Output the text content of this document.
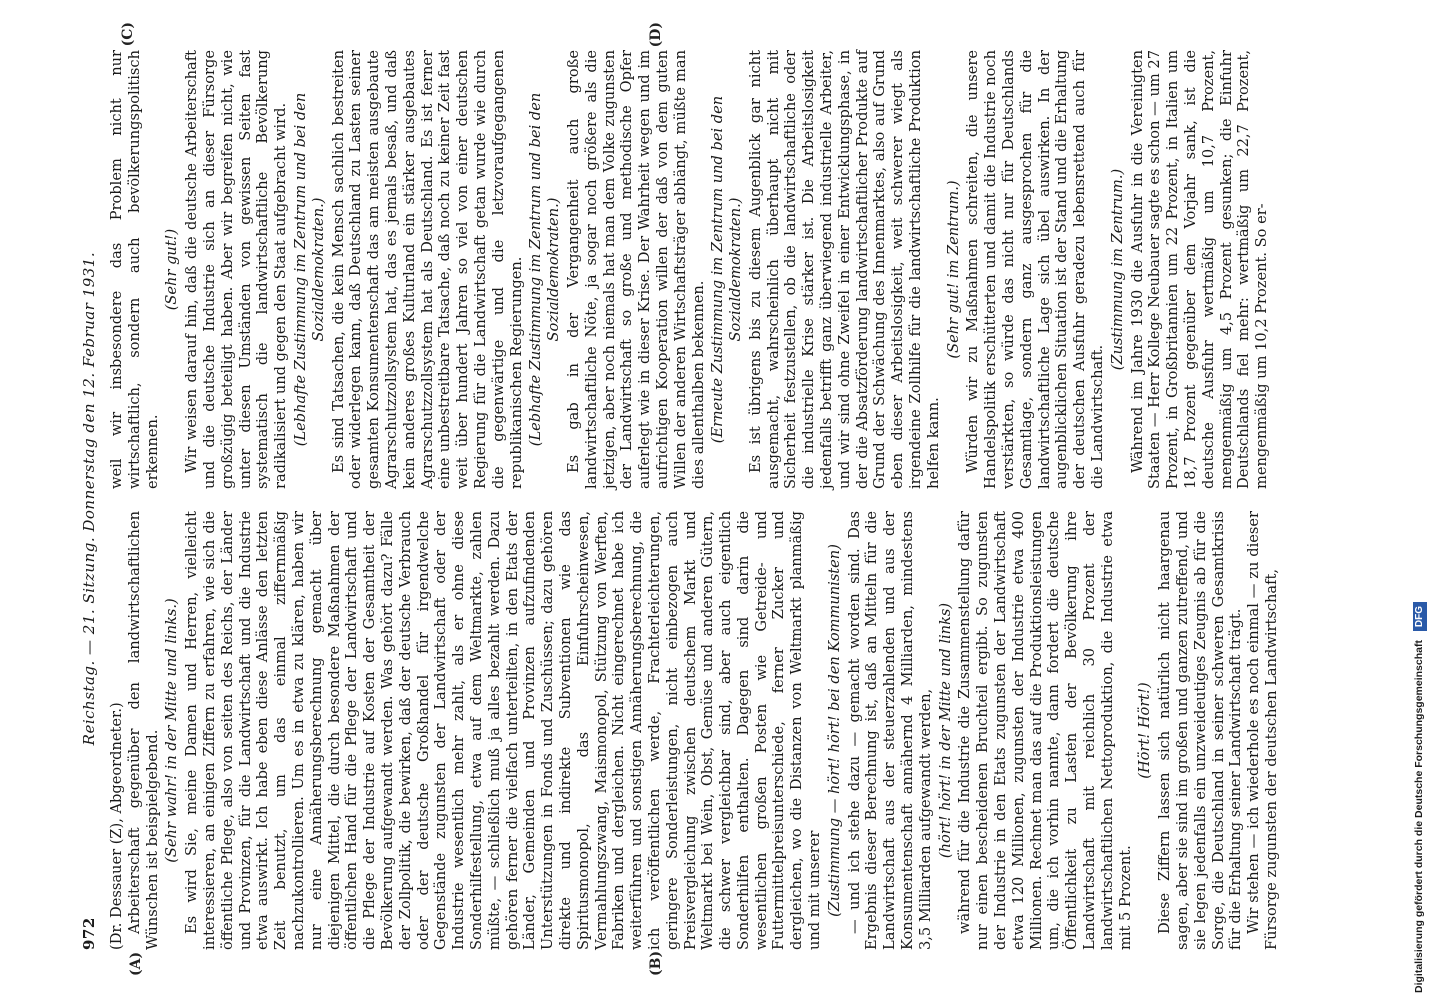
972
Reichstag. — 21. Sitzung. Donnerstag den 12. Februar 1931.
(A)	(B)

(Dr. Dessauer (Z), Abgeordneter.) Arbeiterschaft gegenüber den landwirtschaftlichen Wünschen ist beispielgebend. (Sehr wahr! in der Mitte und links.) Es wird Sie, meine Damen und Herren, vielleicht interessieren, an einigen Ziffern zu erfahren, wie sich die öffentliche Pflege, also von seiten des Reichs, der Länder und Provinzen, für die Landwirtschaft und die Industrie etwa auswirkt. Ich habe eben diese Anlässe den letzten Zeit benutzt, um das einmal ziffernmäßig nachzukontrollieren. Um es in etwa zu klären, haben wir nur eine Annäherungsberechnung gemacht über diejenigen Mittel, die durch besondere Maßnahmen der öffentlichen Hand für die Pflege der Landwirtschaft und die Pflege der Industrie auf Kosten der Gesamtheit der Bevölkerung aufgewandt werden. Was gehört dazu? Fälle der Zollpolitik, die bewirken, daß der deutsche Verbrauch oder der deutsche Großhandel für irgendwelche Gegenstände zugunsten der Landwirtschaft oder der Industrie wesentlich mehr zahlt, als er ohne diese Sonderhilfestellung, etwa auf dem Weltmarkte, zahlen müßte, — schließlich muß ja alles bezahlt werden. Dazu gehören ferner die vielfach unterteilten, in den Etats der Länder, Gemeinden und Provinzen aufzufindenden Unterstützungen in Fonds und Zuschüssen; dazu gehören direkte und indirekte Subventionen wie das Spiritusmonopol, das Einfuhrscheinwesen, Vermahlungszwang, Maismonopol, Stützung von Werften, Fabriken und dergleichen. Nicht eingerechnet habe ich weiterführen und sonstigen Annäherungsberechnung, die ich veröffentlichen werde, Frachterleichterungen, geringere Sonderleistungen, nicht einbezogen auch Preisvergleichung zwischen deutschem Markt und Weltmarkt bei Wein, Obst, Gemüse und anderen Gütern, die schwer vergleichbar sind, aber auch eigentlich Sonderhilfen enthalten. Dagegen sind darin die wesentlichen großen Posten wie Getreide- und Futtermittelpreisunterschiede, ferner Zucker und dergleichen, wo die Distanzen von Weltmarkt planmäßig und mit unserer (Zustimmung — hört! hört! bei den Kommunisten) — und ich stehe dazu — gemacht worden sind. Das Ergebnis dieser Berechnung ist, daß an Mitteln für die Landwirtschaft aus der steuerzahlenden und aus der Konsumentenschaft annähernd 4 Milliarden, mindestens 3,5 Milliarden aufgewandt werden, (hört! hört! in der Mitte und links) während für die Industrie die Zusammenstellung dafür nur einen bescheidenen Bruchteil ergibt. So zugunsten der Industrie in den Etats zugunsten der Landwirtschaft etwa 120 Millionen, zugunsten der Industrie etwa 400 Millionen. Rechnet man das auf die Produktionsleistungen um, die ich vorhin nannte, dann fordert die deutsche Öffentlichkeit zu Lasten der Bevölkerung ihre Landwirtschaft mit reichlich 30 Prozent der landwirtschaftlichen Nettoproduktion, die Industrie etwa mit 5 Prozent.

(Hört! Hört!) Diese Ziffern lassen sich natürlich nicht haargenau sagen, aber sie sind im großen und ganzen zutreffend, und sie legen jedenfalls ein unzweideutiges Zeugnis ab für die Sorge, die Deutschland in seiner schweren Gesamtkrisis für die Erhaltung seiner Landwirtschaft trägt. Wir stehen — ich wiederhole es noch einmal — zu dieser Fürsorge zugunsten der deutschen Landwirtschaft,

(C)	(D)

weil wir insbesondere das Problem nicht nur wirtschaftlich, sondern auch bevölkerungspolitisch erkennen.

(Sehr gut!) Wir weisen darauf hin, daß die deutsche Arbeiterschaft und die deutsche Industrie sich an dieser Fürsorge großzügig beteiligt haben. Aber wir begreifen nicht, wie unter diesen Umständen von gewissen Seiten fast systematisch die landwirtschaftliche Bevölkerung radikalisiert und gegen den Staat aufgebracht wird. (Lebhafte Zustimmung im Zentrum und bei den Sozialdemokraten.) Es sind Tatsachen, die kein Mensch sachlich bestreiten oder widerlegen kann, daß Deutschland zu Lasten seiner gesamten Konsumentenschaft das am meisten ausgebaute Agrarschutzzollsystem hat, das es jemals besaß, und daß kein anderes großes Kulturland ein stärker ausgebautes Agrarschutzzollsystem hat als Deutschland. Es ist ferner eine unbestreitbare Tatsache, daß noch zu keiner Zeit fast weit über hundert Jahren so viel von einer deutschen Regierung für die Landwirtschaft getan wurde wie durch die gegenwärtige und die letzvoraufgegangenen republikanischen Regierungen. (Lebhafte Zustimmung im Zentrum und bei den Sozialdemokraten.) Es gab in der Vergangenheit auch große landwirtschaftliche Nöte, ja sogar noch größere als die jetzigen, aber noch niemals hat man dem Volke zugunsten der Landwirtschaft so große und methodische Opfer auferlegt wie in dieser Krise. Der Wahrheit wegen und im aufrichtigen Kooperation willen der daß von dem guten Willen der anderen Wirtschaftsträger abhängt, müßte man dies allenthalben bekennen. (Erneute Zustimmung im Zentrum und bei den Sozialdemokraten.) Es ist übrigens bis zu diesem Augenblick gar nicht ausgemacht, wahrscheinlich überhaupt nicht mit Sicherheit festzustellen, ob die landwirtschaftliche oder die industrielle Krise stärker ist. Die Arbeitslosigkeit jedenfalls betrifft ganz überwiegend industrielle Arbeiter, und wir sind ohne Zweifel in einer Entwicklungsphase, in der die Absatzförderung landwirtschaftlicher Produkte auf Grund der Schwächung des Innenmarktes, also auf Grund eben dieser Arbeitslosigkeit, weit schwerer wiegt als irgendeine Zollhilfe für die landwirtschaftliche Produktion helfen kann.

(Sehr gut! im Zentrum.) Würden wir zu Maßnahmen schreiten, die unsere Handelspolitik erschütterten und damit die Industrie noch verstärkten, so würde das nicht nur für Deutschlands Gesamtlage, sondern ganz ausgesprochen für die landwirtschaftliche Lage sich übel auswirken. In der augenblicklichen Situation ist der Stand und die Erhaltung der deutschen Ausfuhr geradezu lebensrettend auch für die Landwirtschaft.

(Zustimmung im Zentrum.) Während im Jahre 1930 die Ausfuhr in die Vereinigten Staaten — Herr Kollege Neubauer sagte es schon — um 27 Prozent, in Großbritannien um 22 Prozent, in Italien um 18,7 Prozent gegenüber dem Vorjahr sank, ist die deutsche Ausfuhr wertmäßig um 10,7 Prozent, mengenmäßig um 4,5 Prozent gesunken; die Einfuhr Deutschlands fiel mehr: wertmäßig um 22,7 Prozent, mengenmäßig um 10,2 Prozent. So er-

Digitalisierung gefördert durch die Deutsche Forschungsgemeinschaft DFG
